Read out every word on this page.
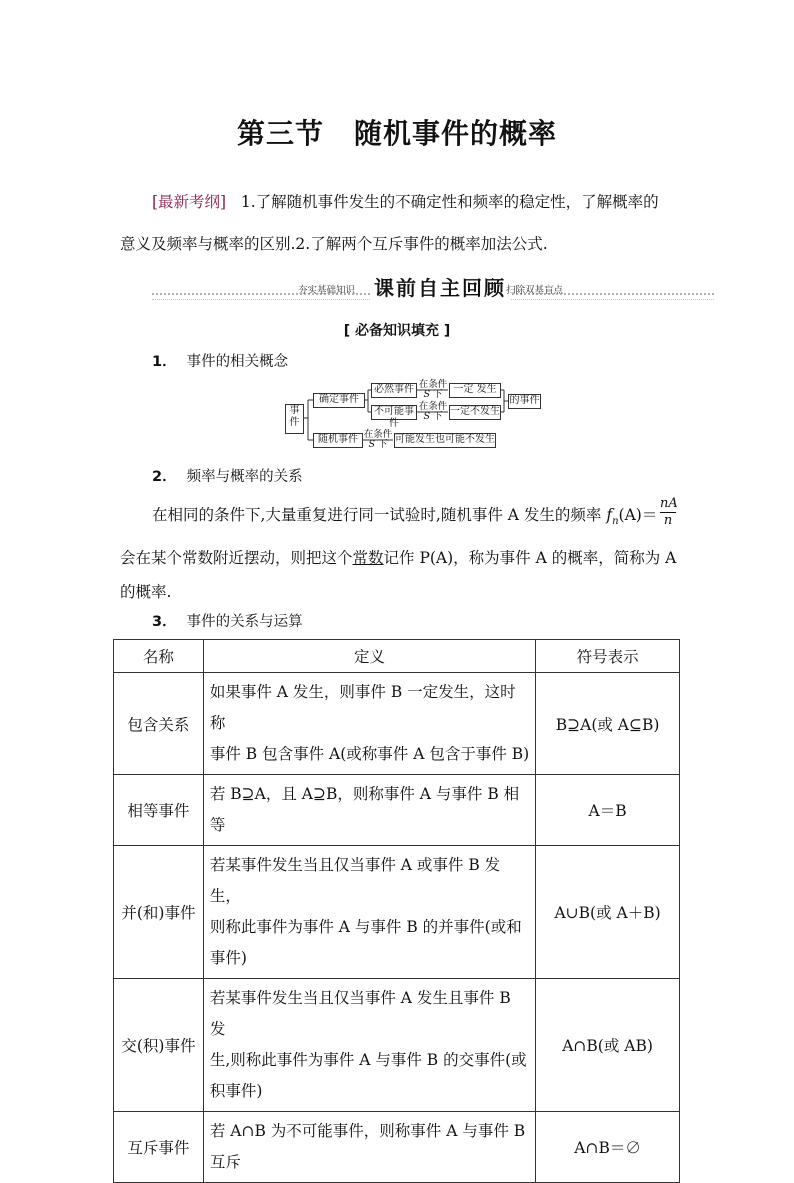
第三节 随机事件的概率
[最新考纲] 1.了解随机事件发生的不确定性和频率的稳定性，了解概率的
意义及频率与概率的区别.2.了解两个互斥事件的概率加法公式.
夯实基础知识 课前自主回顾 扫除双基盲点
[ 必备知识填充 ]
1． 事件的相关概念
事件
确定事件
必然事件
不可能事件
随机事件
在条件
S 下
在条件
S 下
在条件
S 下
一定 发生
一定不发生
可能发生也可能不发生
的事件
2． 频率与概率的关系
在相同的条件下,大量重复进行同一试验时,随机事件 A 发生的频率 $f_n(A)= \frac{nA}{n}$
会在某个常数附近摆动，则把这个常数记作 P(A)，称为事件 A 的概率，简称为 A
的概率.
3． 事件的关系与运算
名称	定义	符号表示
包含关系	如果事件 A 发生，则事件 B 一定发生，这时称
事件 B 包含事件 A(或称事件 A 包含于事件 B)	B⊇A(或 A⊆B)
相等事件	若 B⊇A，且 A⊇B，则称事件 A 与事件 B 相等	A＝B
并(和)事件	若某事件发生当且仅当事件 A 或事件 B 发生，
则称此事件为事件 A 与事件 B 的并事件(或和
事件)	A∪B(或 A＋B)
交(积)事件	若某事件发生当且仅当事件 A 发生且事件 B 发
生,则称此事件为事件 A 与事件 B 的交事件(或
积事件)	A∩B(或 AB)
互斥事件	若 A∩B 为不可能事件，则称事件 A 与事件 B
互斥	A∩B＝∅
